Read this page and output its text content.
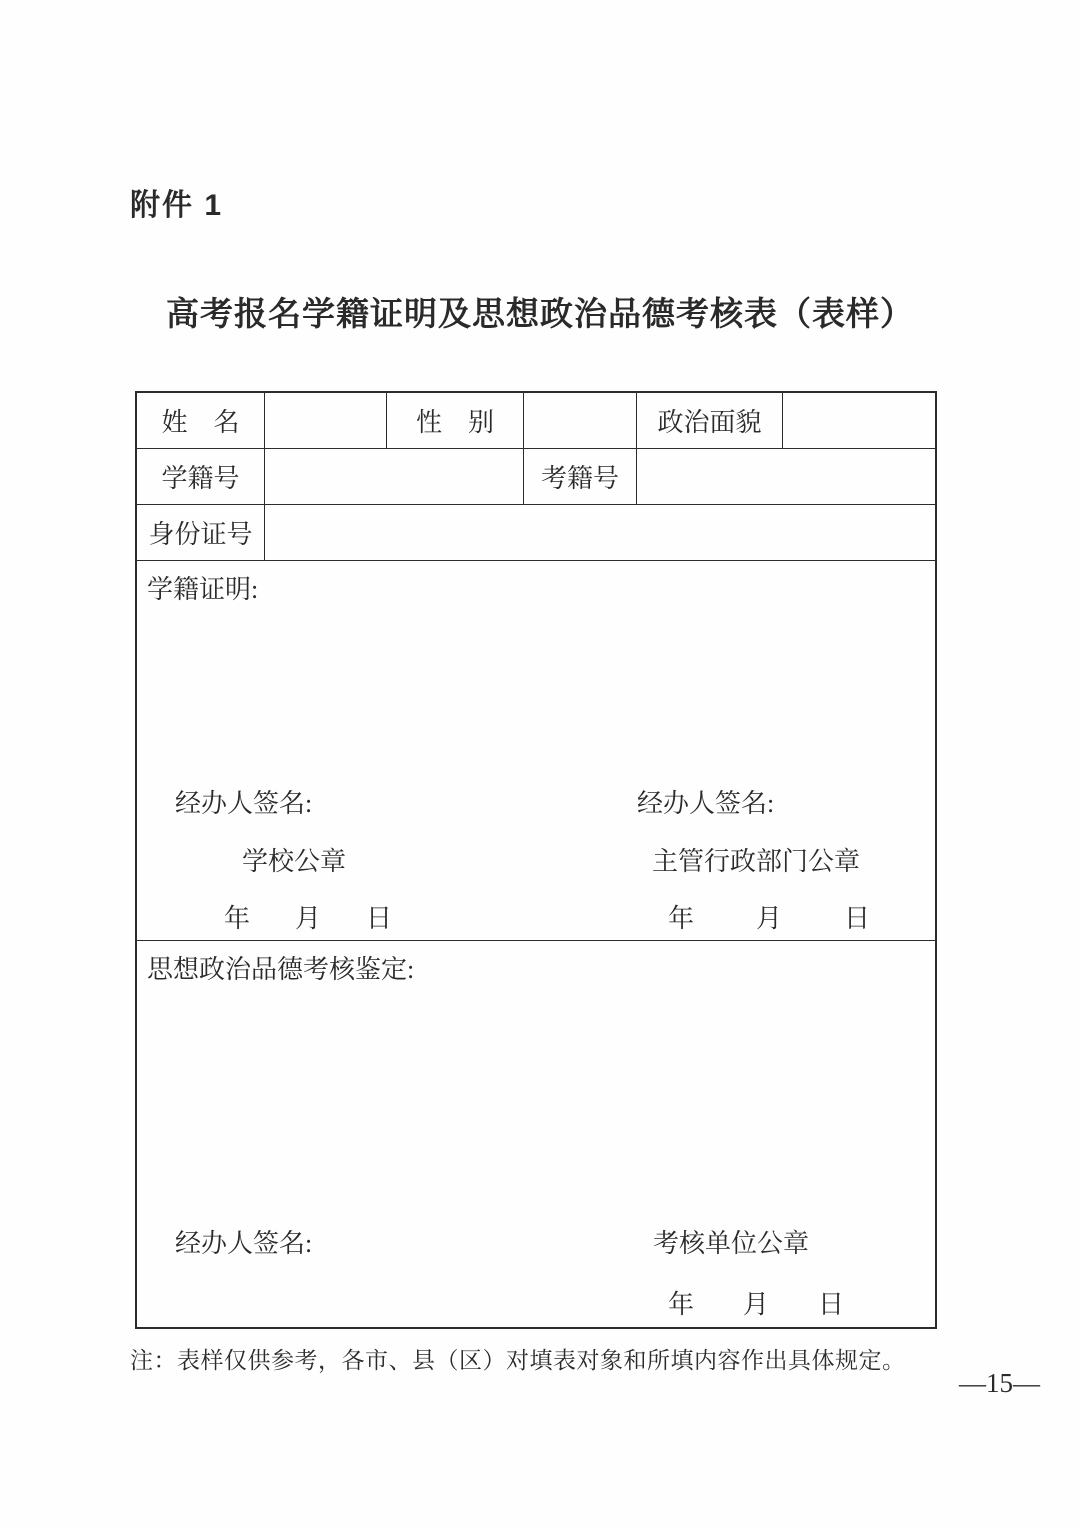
附件 1
高考报名学籍证明及思想政治品德考核表（表样）
姓　名	性　别	政治面貌
学籍号	考籍号
身份证号
学籍证明:
经办人签名:	经办人签名:
学校公章	主管行政部门公章
年 月 日	年 月 日
思想政治品德考核鉴定:
经办人签名:	考核单位公章
年 月 日
注：表样仅供参考，各市、县（区）对填表对象和所填内容作出具体规定。
—15—
